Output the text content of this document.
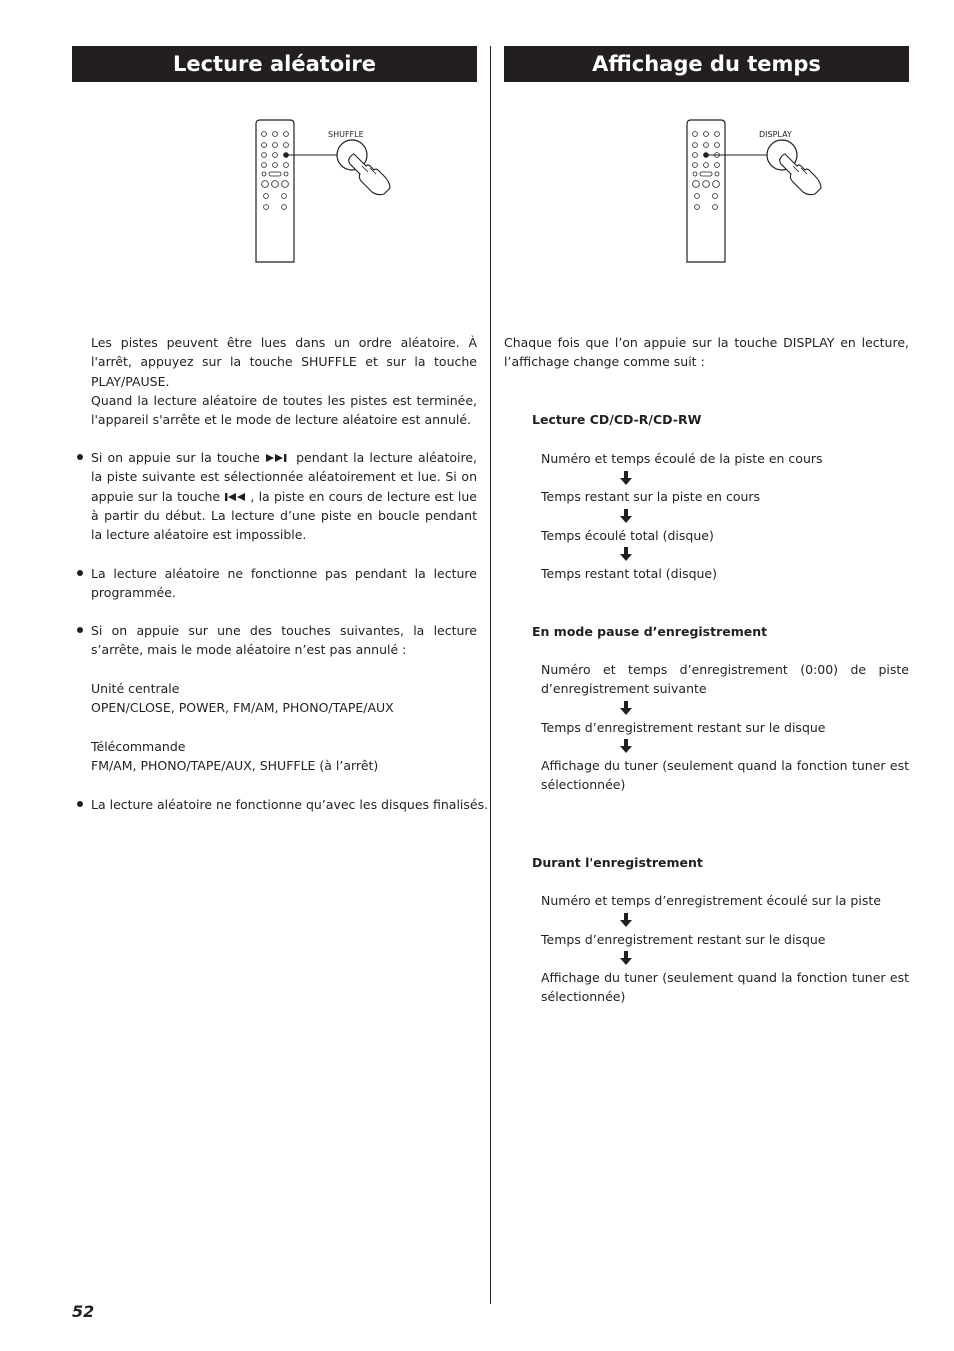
Lecture aléatoire	Affichage du temps
SHUFFLE	DISPLAY

Les pistes peuvent être lues dans un ordre aléatoire. À l'arrêt, appuyez sur la touche SHUFFLE et sur la touche PLAY/PAUSE.

Quand la lecture aléatoire de toutes les pistes est terminée, l'appareil s'arrête et le mode de lecture aléatoire est annulé.

Si on appuie sur la touche	pendant la lecture aléatoire, la piste suivante est sélectionnée aléatoirement et lue. Si on appuie sur la touche , la piste en cours de lecture est lue à partir du début. La lecture d’une piste en boucle pendant la lecture aléatoire est impossible.

La lecture aléatoire ne fonctionne pas pendant la lecture programmée.

Si on appuie sur une des touches suivantes, la lecture s’arrête, mais le mode aléatoire n’est pas annulé :

Unité centrale

OPEN/CLOSE, POWER, FM/AM, PHONO/TAPE/AUX

Télécommande

FM/AM, PHONO/TAPE/AUX, SHUFFLE (à l’arrêt)

La lecture aléatoire ne fonctionne qu’avec les disques finalisés.

Chaque fois que l’on appuie sur la touche DISPLAY en lecture, l’affichage change comme suit :

Lecture CD/CD-R/CD-RW

Numéro et temps écoulé de la piste en cours

Temps restant sur la piste en cours

Temps écoulé total (disque)

Temps restant total (disque)

En mode pause d’enregistrement

Numéro et temps d’enregistrement (0:00) de piste d’enregistrement suivante

Temps d’enregistrement restant sur le disque

Affichage du tuner (seulement quand la fonction tuner est sélectionnée)

Durant l'enregistrement

Numéro et temps d’enregistrement écoulé sur la piste

Temps d’enregistrement restant sur le disque

Affichage du tuner (seulement quand la fonction tuner est sélectionnée)

52
